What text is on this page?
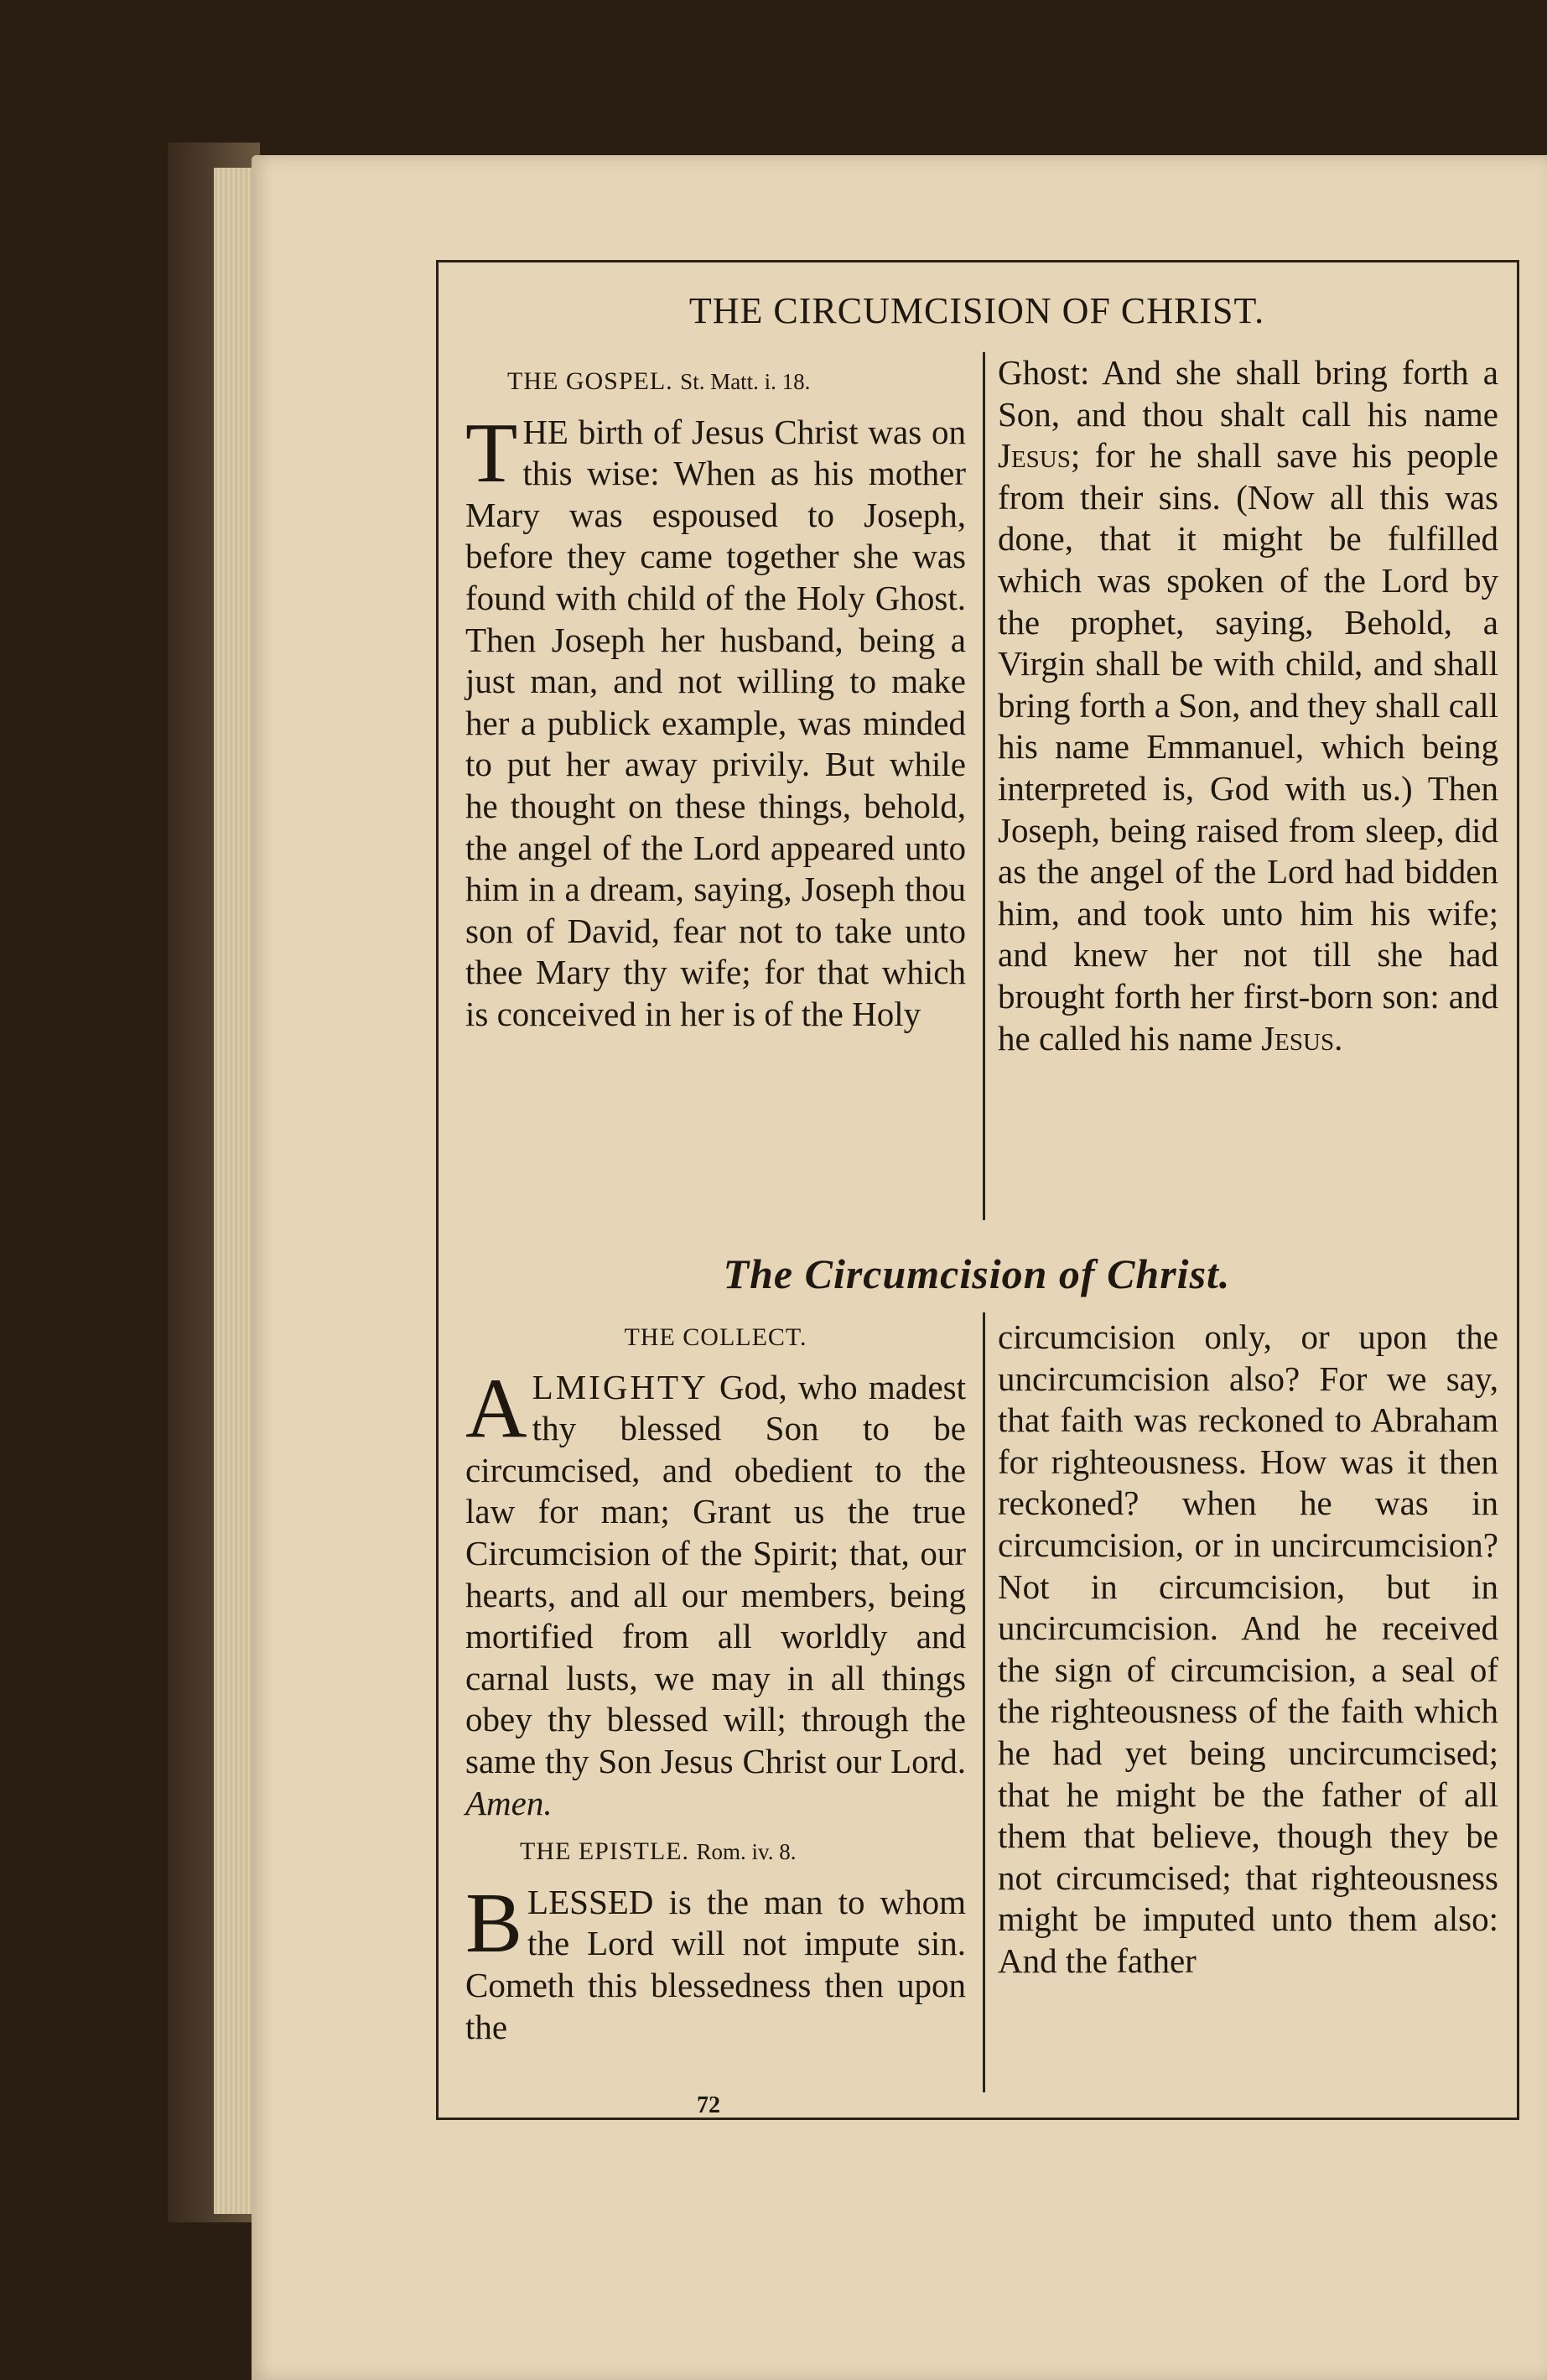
THE CIRCUMCISION OF CHRIST.
THE GOSPEL. St. Matt. i. 18.

THE birth of Jesus Christ was on this wise: When as his mother Mary was espoused to Joseph, before they came together she was found with child of the Holy Ghost. Then Joseph her husband, being a just man, and not willing to make her a publick example, was minded to put her away privily. But while he thought on these things, behold, the angel of the Lord appeared unto him in a dream, saying, Joseph thou son of David, fear not to take unto thee Mary thy wife; for that which is conceived in her is of the Holy

Ghost: And she shall bring forth a Son, and thou shalt call his name Jesus; for he shall save his people from their sins. (Now all this was done, that it might be fulfilled which was spoken of the Lord by the prophet, saying, Behold, a Virgin shall be with child, and shall bring forth a Son, and they shall call his name Emmanuel, which being interpreted is, God with us.) Then Joseph, being raised from sleep, did as the angel of the Lord had bidden him, and took unto him his wife; and knew her not till she had brought forth her first-born son: and he called his name Jesus.

The Circumcision of Christ.
THE COLLECT.

ALMIGHTY God, who madest thy blessed Son to be circumcised, and obedient to the law for man; Grant us the true Circumcision of the Spirit; that, our hearts, and all our members, being mortified from all worldly and carnal lusts, we may in all things obey thy blessed will; through the same thy Son Jesus Christ our Lord. Amen.

THE EPISTLE. Rom. iv. 8.

BLESSED is the man to whom the Lord will not impute sin. Cometh this blessedness then upon the

circumcision only, or upon the uncircumcision also? For we say, that faith was reckoned to Abraham for righteousness. How was it then reckoned? when he was in circumcision, or in uncircumcision? Not in circumcision, but in uncircumcision. And he received the sign of circumcision, a seal of the righteousness of the faith which he had yet being uncircumcised; that he might be the father of all them that believe, though they be not circumcised; that righteousness might be imputed unto them also: And the father

72
